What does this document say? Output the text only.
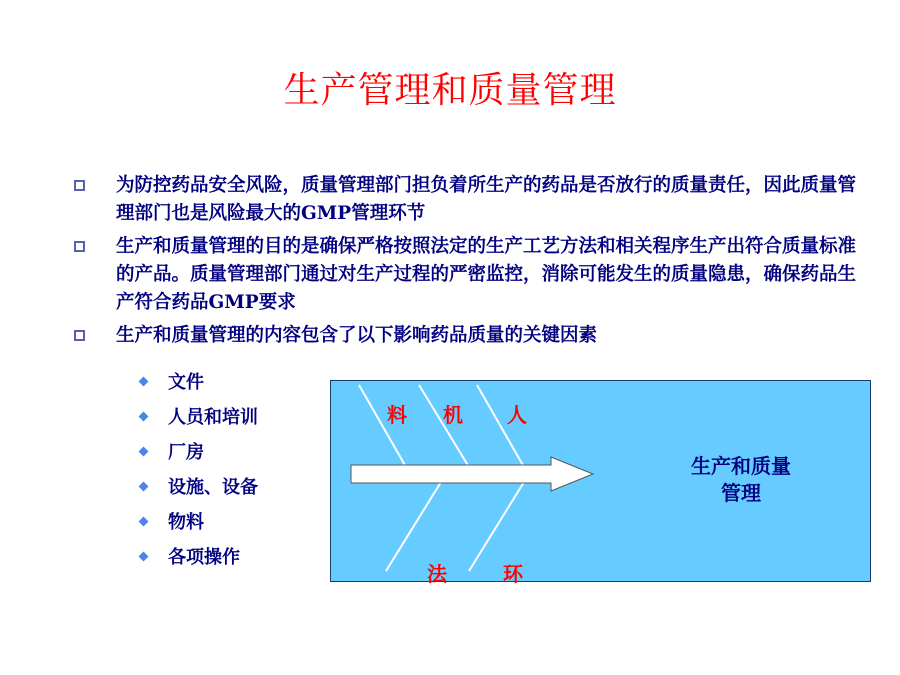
生产管理和质量管理
为防控药品安全风险，质量管理部门担负着所生产的药品是否放行的质量责任，因此质量管理部门也是风险最大的GMP管理环节
生产和质量管理的目的是确保严格按照法定的生产工艺方法和相关程序生产出符合质量标准的产品。质量管理部门通过对生产过程的严密监控，消除可能发生的质量隐患，确保药品生产符合药品GMP要求
生产和质量管理的内容包含了以下影响药品质量的关键因素
文件
人员和培训
厂房
设施、设备
物料
各项操作
料 机 人
法	环
生产和质量
管理
